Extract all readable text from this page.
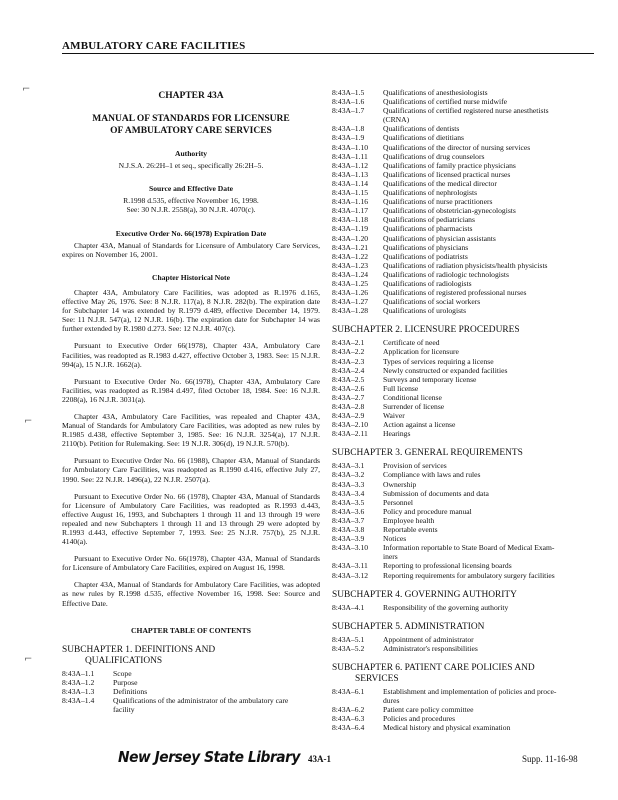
AMBULATORY CARE FACILITIES
⌐
⌐
⌐
CHAPTER 43A
MANUAL OF STANDARDS FOR LICENSURE
OF AMBULATORY CARE SERVICES
Authority
N.J.S.A. 26:2H–1 et seq., specifically 26:2H–5.
Source and Effective Date
R.1998 d.535, effective November 16, 1998.
See: 30 N.J.R. 2558(a), 30 N.J.R. 4070(c).
Executive Order No. 66(1978) Expiration Date
Chapter 43A, Manual of Standards for Licensure of Ambulatory Care Services, expires on November 16, 2001.
Chapter Historical Note
Chapter 43A, Ambulatory Care Facilities, was adopted as R.1976 d.165, effective May 26, 1976. See: 8 N.J.R. 117(a), 8 N.J.R. 282(b). The expiration date for Subchapter 14 was extended by R.1979 d.489, effective December 14, 1979. See: 11 N.J.R. 547(a), 12 N.J.R. 16(b). The expiration date for Subchapter 14 was further extended by R.1980 d.273. See: 12 N.J.R. 407(c).
Pursuant to Executive Order 66(1978), Chapter 43A, Ambulatory Care Facilities, was readopted as R.1983 d.427, effective October 3, 1983. See: 15 N.J.R. 994(a), 15 N.J.R. 1662(a).
Pursuant to Executive Order No. 66(1978), Chapter 43A, Ambulatory Care Facilities, was readopted as R.1984 d.497, filed October 18, 1984. See: 16 N.J.R. 2208(a), 16 N.J.R. 3031(a).
Chapter 43A, Ambulatory Care Facilities, was repealed and Chapter 43A, Manual of Standards for Ambulatory Care Facilities, was adopted as new rules by R.1985 d.438, effective September 3, 1985. See: 16 N.J.R. 3254(a), 17 N.J.R. 2110(b). Petition for Rulemaking. See: 19 N.J.R. 306(d), 19 N.J.R. 570(b).
Pursuant to Executive Order No. 66 (1988), Chapter 43A, Manual of Standards for Ambulatory Care Facilities, was readopted as R.1990 d.416, effective July 27, 1990. See: 22 N.J.R. 1496(a), 22 N.J.R. 2507(a).
Pursuant to Executive Order No. 66 (1978), Chapter 43A, Manual of Standards for Licensure of Ambulatory Care Facilities, was readopted as R.1993 d.443, effective August 16, 1993, and Subchapters 1 through 11 and 13 through 19 were repealed and new Subchapters 1 through 11 and 13 through 29 were adopted by R.1993 d.443, effective September 7, 1993. See: 25 N.J.R. 757(b), 25 N.J.R. 4140(a).
Pursuant to Executive Order No. 66(1978), Chapter 43A, Manual of Standards for Licensure of Ambulatory Care Facilities, expired on August 16, 1998.
Chapter 43A, Manual of Standards for Ambulatory Care Facilities, was adopted as new rules by R.1998 d.535, effective November 16, 1998. See: Source and Effective Date.
CHAPTER TABLE OF CONTENTS
SUBCHAPTER 1. DEFINITIONS AND
QUALIFICATIONS
8:43A–1.1	Scope
8:43A–1.2	Purpose
8:43A–1.3	Definitions
8:43A–1.4	Qualifications of the administrator of the ambulatory care
facility
8:43A–1.5	Qualifications of anesthesiologists
8:43A–1.6	Qualifications of certified nurse midwife
8:43A–1.7	Qualifications of certified registered nurse anesthetists
(CRNA)
8:43A–1.8	Qualifications of dentists
8:43A–1.9	Qualifications of dietitians
8:43A–1.10	Qualifications of the director of nursing services
8:43A–1.11	Qualifications of drug counselors
8:43A–1.12	Qualifications of family practice physicians
8:43A–1.13	Qualifications of licensed practical nurses
8:43A–1.14	Qualifications of the medical director
8:43A–1.15	Qualifications of nephrologists
8:43A–1.16	Qualifications of nurse practitioners
8:43A–1.17	Qualifications of obstetrician-gynecologists
8:43A–1.18	Qualifications of pediatricians
8:43A–1.19	Qualifications of pharmacists
8:43A–1.20	Qualifications of physician assistants
8:43A–1.21	Qualifications of physicians
8:43A–1.22	Qualifications of podiatrists
8:43A–1.23	Qualifications of radiation physicists/health physicists
8:43A–1.24	Qualifications of radiologic technologists
8:43A–1.25	Qualifications of radiologists
8:43A–1.26	Qualifications of registered professional nurses
8:43A–1.27	Qualifications of social workers
8:43A–1.28	Qualifications of urologists
SUBCHAPTER 2. LICENSURE PROCEDURES
8:43A–2.1	Certificate of need
8:43A–2.2	Application for licensure
8:43A–2.3	Types of services requiring a license
8:43A–2.4	Newly constructed or expanded facilities
8:43A–2.5	Surveys and temporary license
8:43A–2.6	Full license
8:43A–2.7	Conditional license
8:43A–2.8	Surrender of license
8:43A–2.9	Waiver
8:43A–2.10	Action against a license
8:43A–2.11	Hearings
SUBCHAPTER 3. GENERAL REQUIREMENTS
8:43A–3.1	Provision of services
8:43A–3.2	Compliance with laws and rules
8:43A–3.3	Ownership
8:43A–3.4	Submission of documents and data
8:43A–3.5	Personnel
8:43A–3.6	Policy and procedure manual
8:43A–3.7	Employee health
8:43A–3.8	Reportable events
8:43A–3.9	Notices
8:43A–3.10	Information reportable to State Board of Medical Exam-
iners
8:43A–3.11	Reporting to professional licensing boards
8:43A–3.12	Reporting requirements for ambulatory surgery facilities
SUBCHAPTER 4. GOVERNING AUTHORITY
8:43A–4.1	Responsibility of the governing authority
SUBCHAPTER 5. ADMINISTRATION
8:43A–5.1	Appointment of administrator
8:43A–5.2	Administrator's responsibilities
SUBCHAPTER 6. PATIENT CARE POLICIES AND
SERVICES
8:43A–6.1	Establishment and implementation of policies and proce-
dures
8:43A–6.2	Patient care policy committee
8:43A–6.3	Policies and procedures
8:43A–6.4	Medical history and physical examination
New Jersey State Library 43A-1	Supp. 11-16-98
